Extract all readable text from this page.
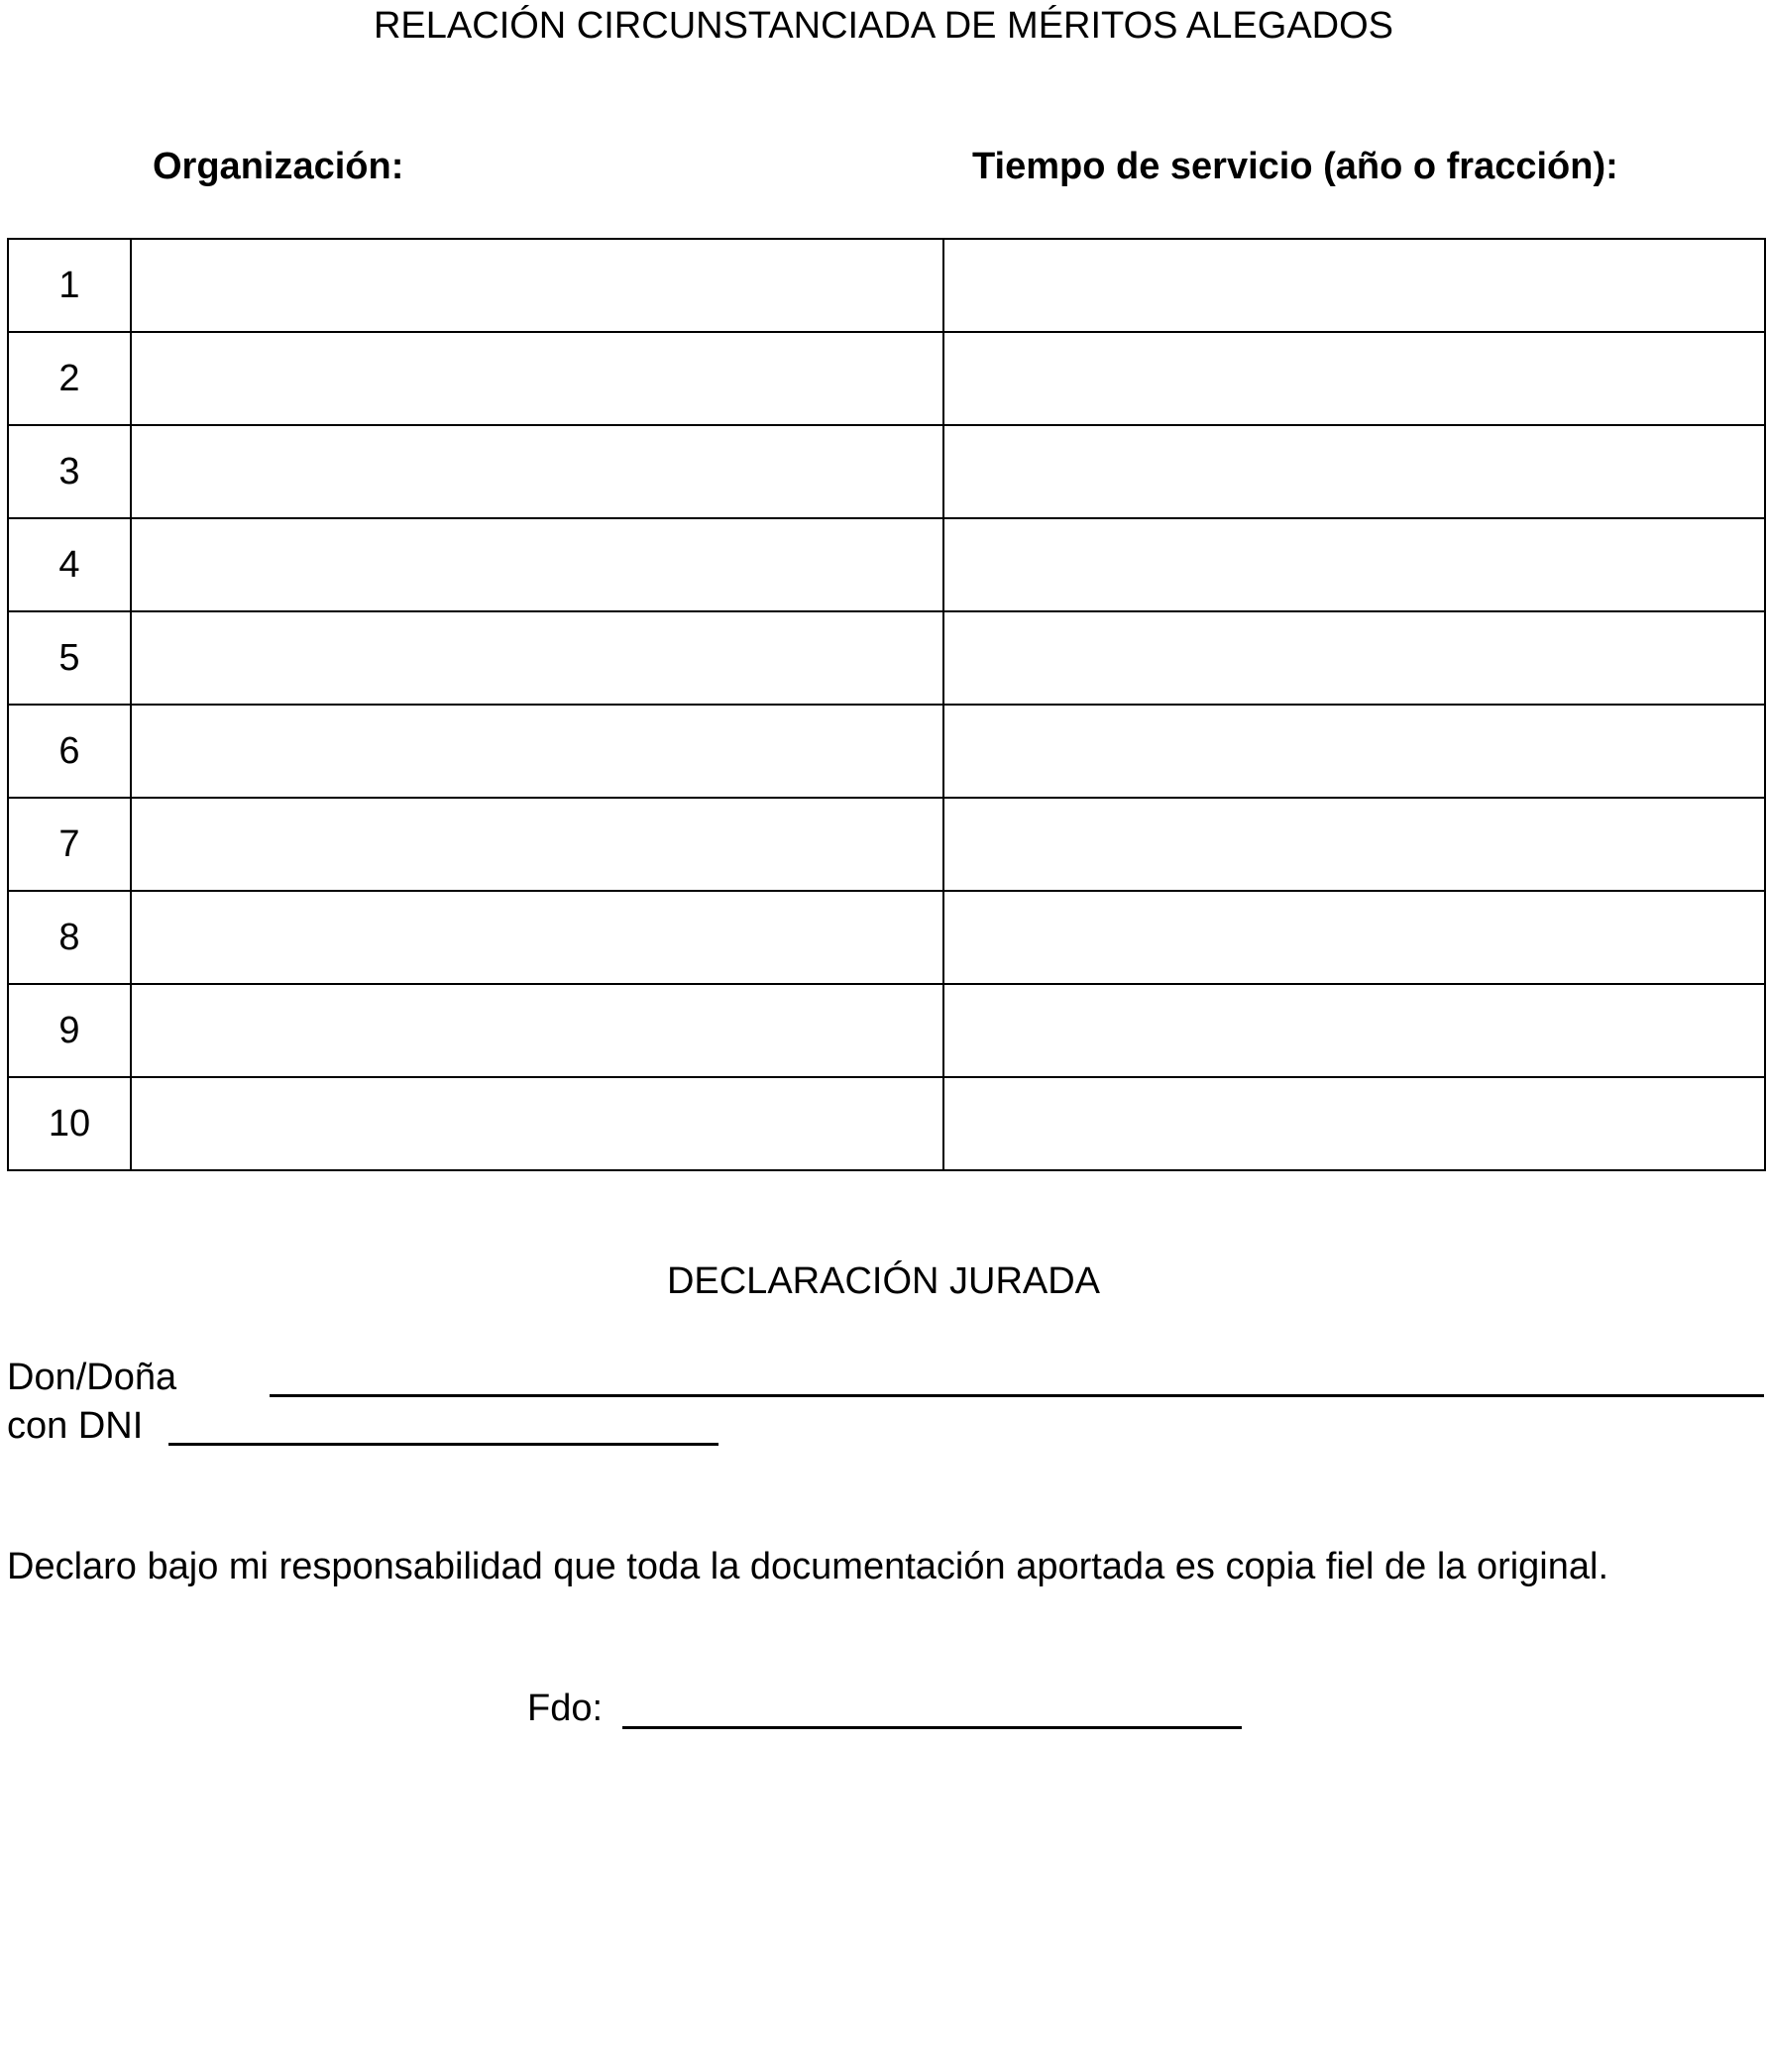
RELACIÓN CIRCUNSTANCIADA DE MÉRITOS ALEGADOS
Organización:	Tiempo de servicio (año o fracción):
1		
2		
3		
4		
5		
6		
7		
8		
9		
10		
DECLARACIÓN JURADA
Don/Doña
con DNI
Declaro bajo mi responsabilidad que toda la documentación aportada es copia fiel de la original.
Fdo:
